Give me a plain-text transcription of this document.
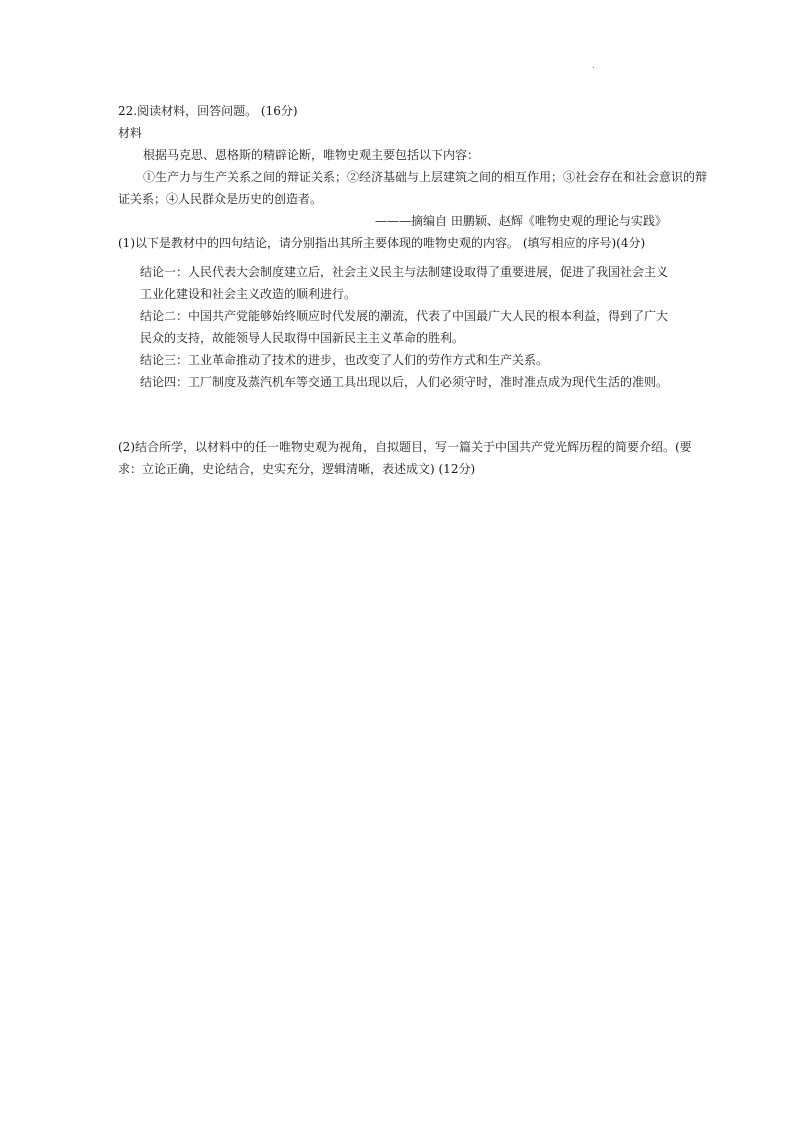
.
22.阅读材料，回答问题。 (16分)
材料
根据马克思、恩格斯的精辟论断，唯物史观主要包括以下内容：
①生产力与生产关系之间的辩证关系；②经济基础与上层建筑之间的相互作用；③社会存在和社会意识的辩
证关系；④人民群众是历史的创造者。
———摘编自 田鹏颖、赵辉《唯物史观的理论与实践》
(1)以下是教材中的四句结论，请分别指出其所主要体现的唯物史观的内容。 (填写相应的序号)(4分)
结论一：人民代表大会制度建立后，社会主义民主与法制建设取得了重要进展，促进了我国社会主义
工业化建设和社会主义改造的顺利进行。
结论二：中国共产党能够始终顺应时代发展的潮流，代表了中国最广大人民的根本利益，得到了广大
民众的支持，故能领导人民取得中国新民主主义革命的胜利。
结论三：工业革命推动了技术的进步，也改变了人们的劳作方式和生产关系。
结论四：工厂制度及蒸汽机车等交通工具出现以后，人们必须守时，准时准点成为现代生活的准则。
(2)结合所学，以材料中的任一唯物史观为视角，自拟题目，写一篇关于中国共产党光辉历程的简要介绍。(要
求：立论正确，史论结合，史实充分，逻辑清晰，表述成文) (12分)
